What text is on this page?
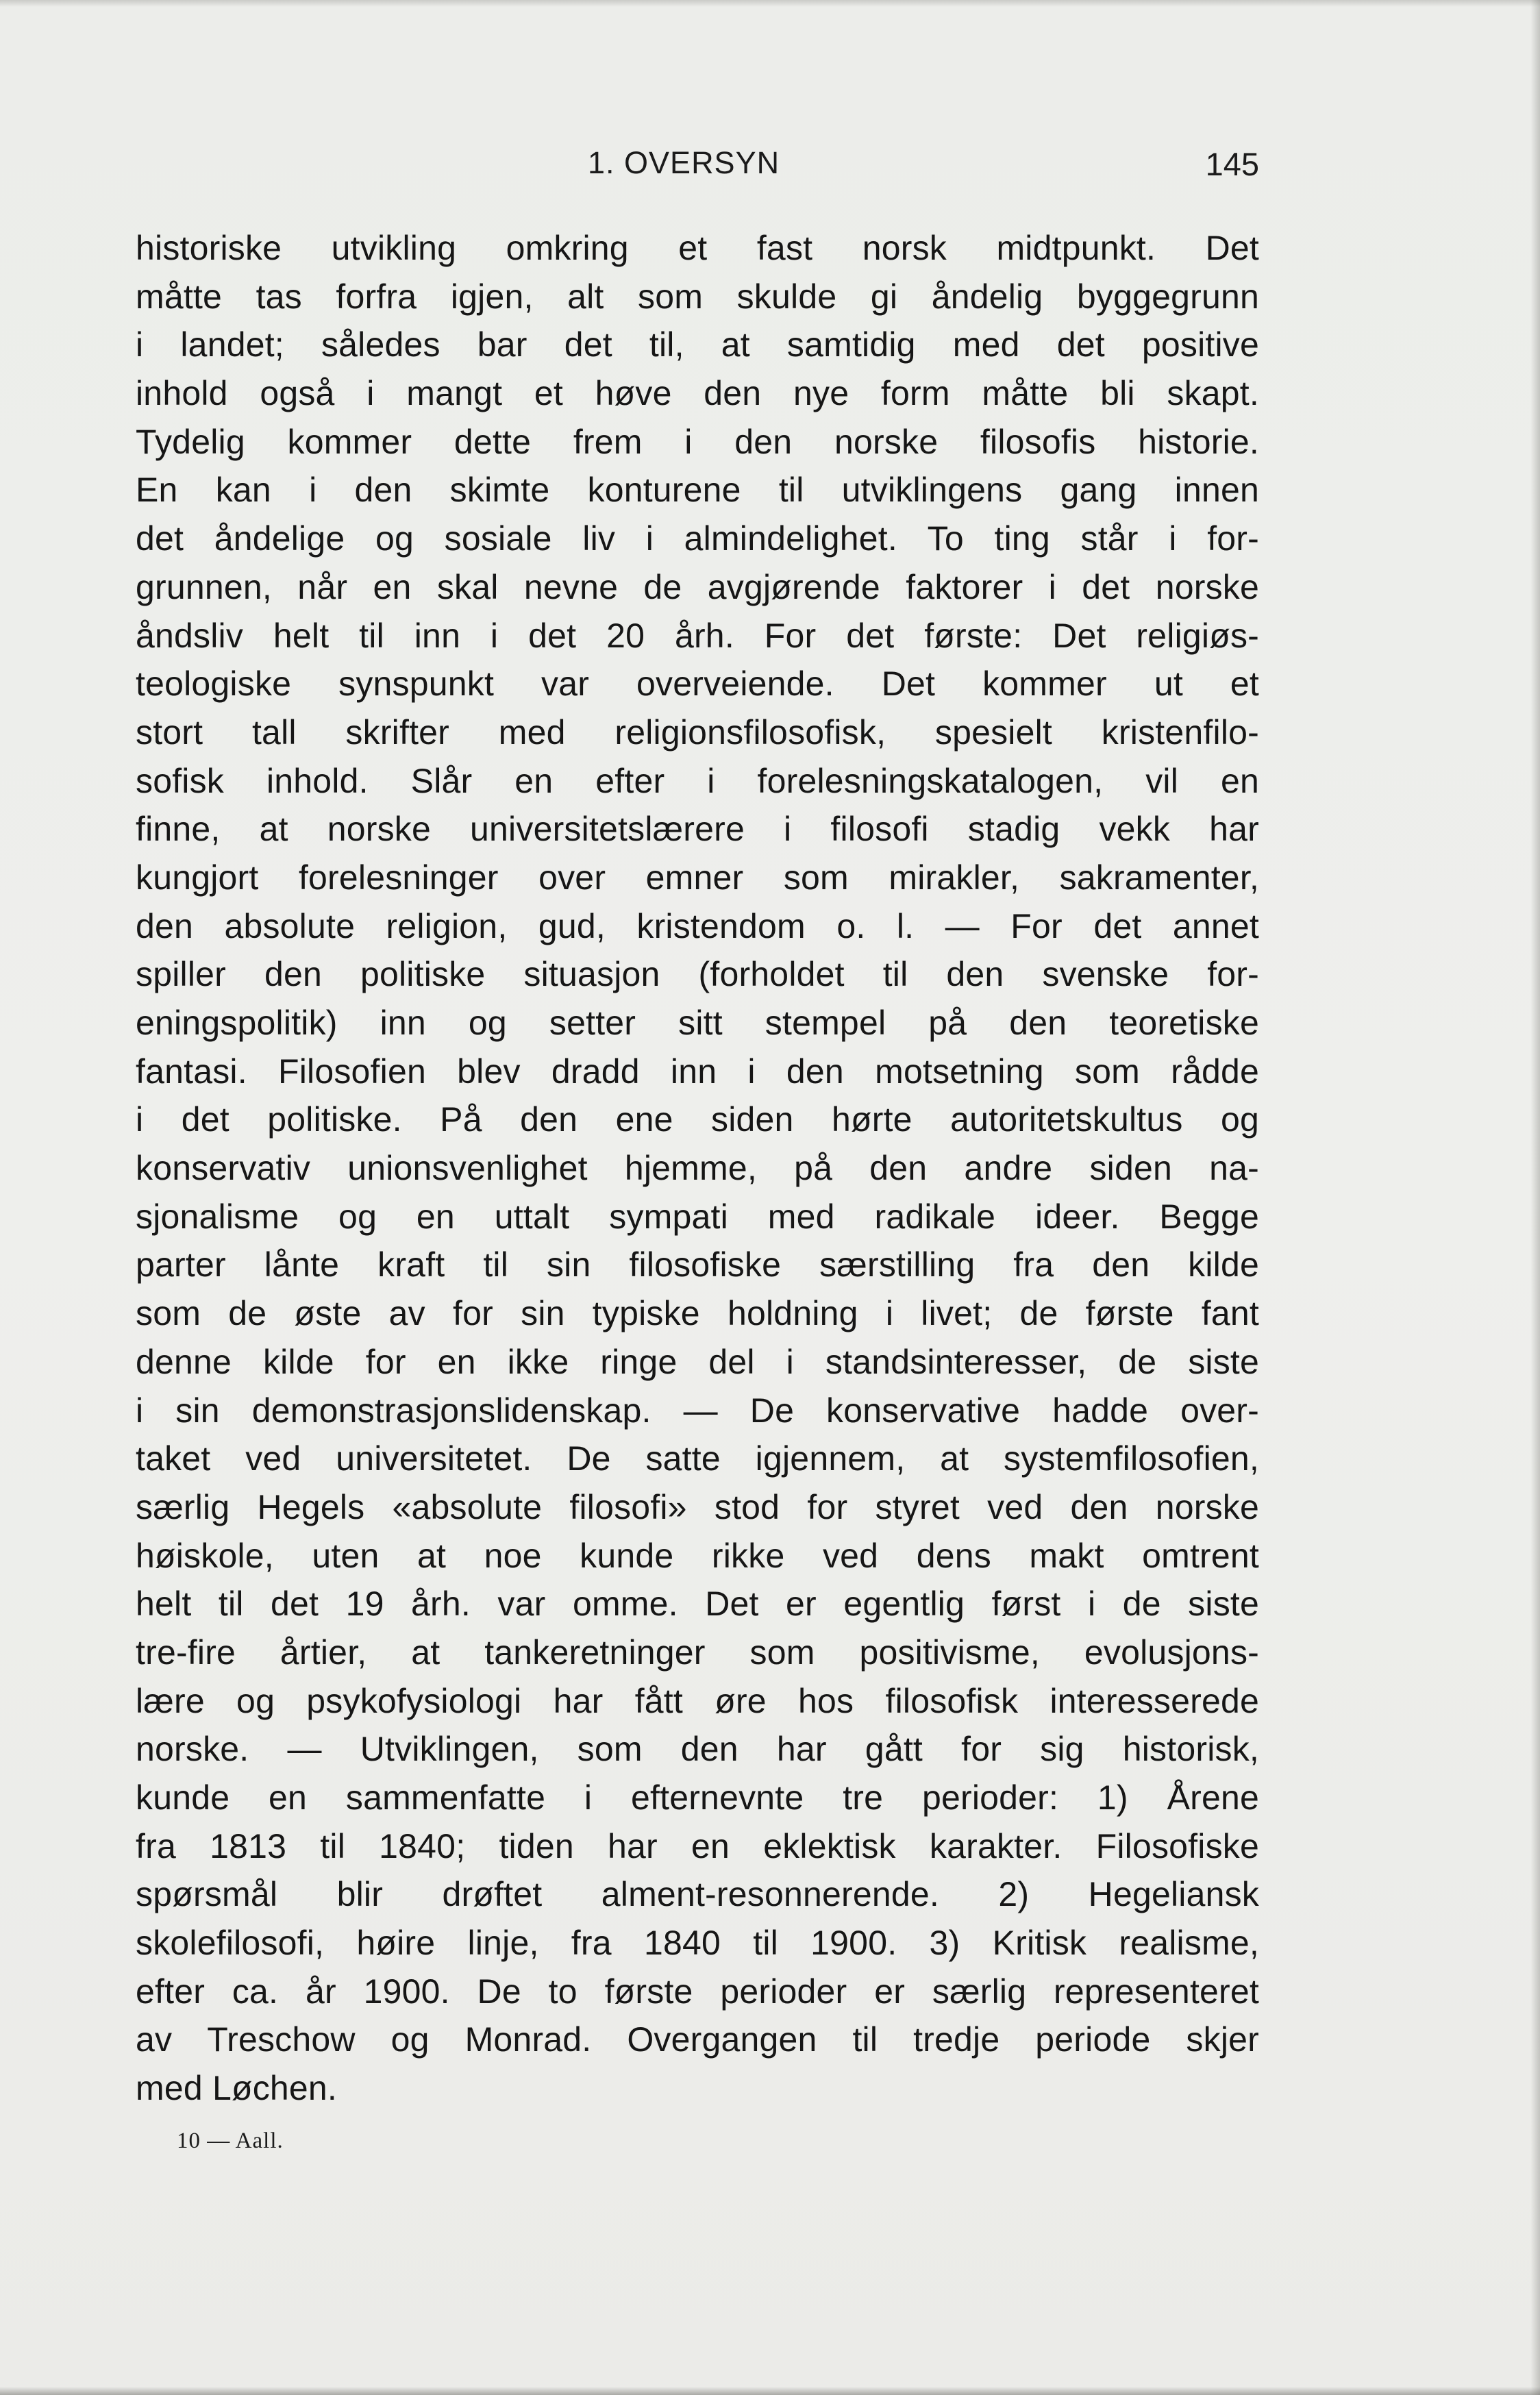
1. OVERSYN	145
historiske utvikling omkring et fast norsk midtpunkt. Det
måtte tas forfra igjen, alt som skulde gi åndelig byggegrunn
i landet; således bar det til, at samtidig med det positive
inhold også i mangt et høve den nye form måtte bli skapt.
Tydelig kommer dette frem i den norske filosofis historie.
En kan i den skimte konturene til utviklingens gang innen
det åndelige og sosiale liv i almindelighet. To ting står i for-
grunnen, når en skal nevne de avgjørende faktorer i det norske
åndsliv helt til inn i det 20 årh. For det første: Det religiøs-
teologiske synspunkt var overveiende. Det kommer ut et
stort tall skrifter med religionsfilosofisk, spesielt kristenfilo-
sofisk inhold. Slår en efter i forelesningskatalogen, vil en
finne, at norske universitetslærere i filosofi stadig vekk har
kungjort forelesninger over emner som mirakler, sakramenter,
den absolute religion, gud, kristendom o. l. — For det annet
spiller den politiske situasjon (forholdet til den svenske for-
eningspolitik) inn og setter sitt stempel på den teoretiske
fantasi. Filosofien blev dradd inn i den motsetning som rådde
i det politiske. På den ene siden hørte autoritetskultus og
konservativ unionsvenlighet hjemme, på den andre siden na-
sjonalisme og en uttalt sympati med radikale ideer. Begge
parter lånte kraft til sin filosofiske særstilling fra den kilde
som de øste av for sin typiske holdning i livet; de første fant
denne kilde for en ikke ringe del i standsinteresser, de siste
i sin demonstrasjonslidenskap. — De konservative hadde over-
taket ved universitetet. De satte igjennem, at systemfilosofien,
særlig Hegels «absolute filosofi» stod for styret ved den norske
høiskole, uten at noe kunde rikke ved dens makt omtrent
helt til det 19 årh. var omme. Det er egentlig først i de siste
tre-fire årtier, at tankeretninger som positivisme, evolusjons-
lære og psykofysiologi har fått øre hos filosofisk interesserede
norske. — Utviklingen, som den har gått for sig historisk,
kunde en sammenfatte i efternevnte tre perioder: 1) Årene
fra 1813 til 1840; tiden har en eklektisk karakter. Filosofiske
spørsmål blir drøftet alment-resonnerende. 2) Hegeliansk
skolefilosofi, høire linje, fra 1840 til 1900. 3) Kritisk realisme,
efter ca. år 1900. De to første perioder er særlig representeret
av Treschow og Monrad. Overgangen til tredje periode skjer
med Løchen.
10 — Aall.
